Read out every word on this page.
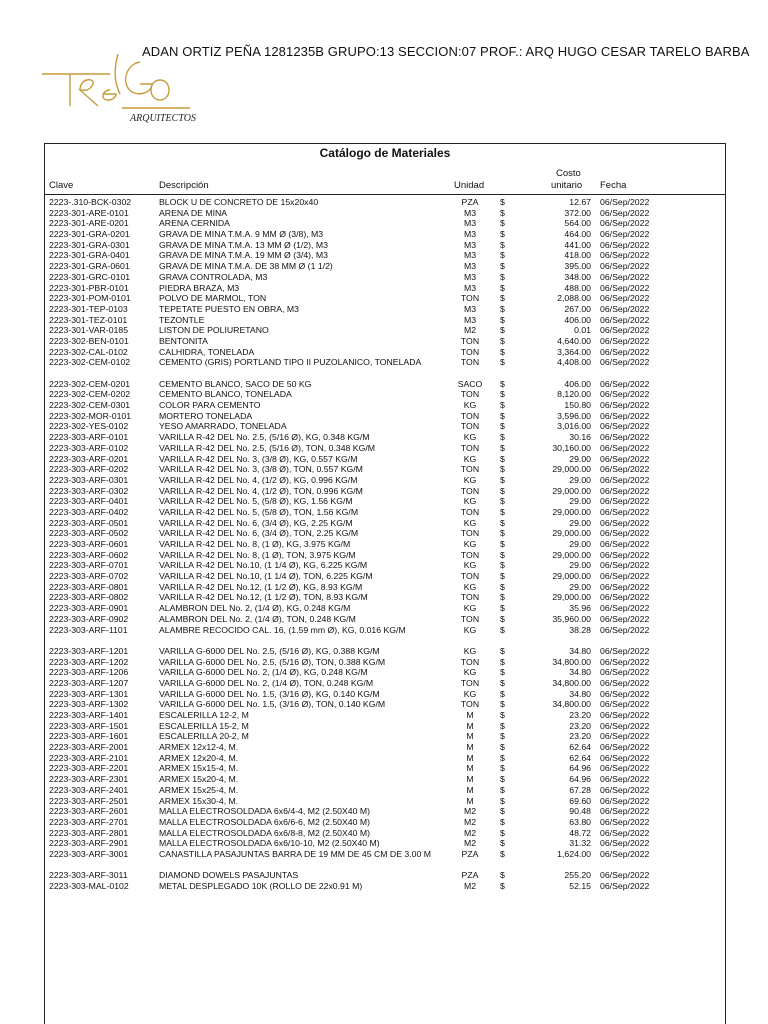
ADAN ORTIZ PEÑA 1281235B GRUPO:13 SECCION:07 PROF.: ARQ HUGO CESAR TARELO BARBA
ARQUITECTOS
Catálogo de Materiales
Clave	Descripción	Unidad
Costo
unitario Fecha
2223-.310-BCK-0302	BLOCK U DE CONCRETO DE 15x20x40	PZA	$	12.67 06/Sep/2022
2223-301-ARE-0101	ARENA DE MINA	M3	$	372.00 06/Sep/2022
2223-301-ARE-0201	ARENA CERNIDA	M3	$	564.00 06/Sep/2022
2223-301-GRA-0201	GRAVA DE MINA T.M.A. 9 MM Ø (3/8), M3	M3	$	464.00 06/Sep/2022
2223-301-GRA-0301	GRAVA DE MINA T.M.A. 13 MM Ø (1/2), M3	M3	$	441.00 06/Sep/2022
2223-301-GRA-0401	GRAVA DE MINA T.M.A. 19 MM Ø (3/4), M3	M3	$	418.00 06/Sep/2022
2223-301-GRA-0601	GRAVA DE MINA T.M.A. DE 38 MM Ø (1 1/2)	M3	$	395.00 06/Sep/2022
2223-301-GRC-0101	GRAVA CONTROLADA, M3	M3	$	348.00 06/Sep/2022
2223-301-PBR-0101	PIEDRA BRAZA, M3	M3	$	488.00 06/Sep/2022
2223-301-POM-0101	POLVO DE MARMOL, TON	TON	$	2,088.00 06/Sep/2022
2223-301-TEP-0103	TEPETATE PUESTO EN OBRA, M3	M3	$	267.00 06/Sep/2022
2223-301-TEZ-0101	TEZONTLE	M3	$	406.00 06/Sep/2022
2223-301-VAR-0185	LISTON DE POLIURETANO	M2	$	0.01 06/Sep/2022
2223-302-BEN-0101	BENTONITA	TON	$	4,640.00 06/Sep/2022
2223-302-CAL-0102	CALHIDRA, TONELADA	TON	$	3,364.00 06/Sep/2022
2223-302-CEM-0102	CEMENTO (GRIS) PORTLAND TIPO II PUZOLANICO, TONELADA	TON	$	4,408.00 06/Sep/2022
2223-302-CEM-0201	CEMENTO BLANCO, SACO DE 50 KG	SACO	$	406.00 06/Sep/2022
2223-302-CEM-0202	CEMENTO BLANCO, TONELADA	TON	$	8,120.00 06/Sep/2022
2223-302-CEM-0301	COLOR PARA CEMENTO	KG	$	150.80 06/Sep/2022
2223-302-MOR-0101	MORTERO TONELADA	TON	$	3,596.00 06/Sep/2022
2223-302-YES-0102	YESO AMARRADO, TONELADA	TON	$	3,016.00 06/Sep/2022
2223-303-ARF-0101	VARILLA R-42 DEL No. 2.5, (5/16 Ø), KG, 0.348 KG/M	KG	$	30.16 06/Sep/2022
2223-303-ARF-0102	VARILLA R-42 DEL No. 2.5, (5/16 Ø), TON, 0.348 KG/M	TON	$	30,160.00 06/Sep/2022
2223-303-ARF-0201	VARILLA R-42 DEL No. 3, (3/8 Ø), KG, 0.557 KG/M	KG	$	29.00 06/Sep/2022
2223-303-ARF-0202	VARILLA R-42 DEL No. 3, (3/8 Ø), TON, 0.557 KG/M	TON	$	29,000.00 06/Sep/2022
2223-303-ARF-0301	VARILLA R-42 DEL No. 4, (1/2 Ø), KG, 0.996 KG/M	KG	$	29.00 06/Sep/2022
2223-303-ARF-0302	VARILLA R-42 DEL No. 4, (1/2 Ø), TON, 0.996 KG/M	TON	$	29,000.00 06/Sep/2022
2223-303-ARF-0401	VARILLA R-42 DEL No. 5, (5/8 Ø), KG, 1.56 KG/M	KG	$	29.00 06/Sep/2022
2223-303-ARF-0402	VARILLA R-42 DEL No. 5, (5/8 Ø), TON, 1.56 KG/M	TON	$	29,000.00 06/Sep/2022
2223-303-ARF-0501	VARILLA R-42 DEL No. 6, (3/4 Ø), KG, 2.25 KG/M	KG	$	29.00 06/Sep/2022
2223-303-ARF-0502	VARILLA R-42 DEL No. 6, (3/4 Ø), TON, 2.25 KG/M	TON	$	29,000.00 06/Sep/2022
2223-303-ARF-0601	VARILLA R-42 DEL No. 8, (1 Ø), KG, 3.975 KG/M	KG	$	29.00 06/Sep/2022
2223-303-ARF-0602	VARILLA R-42 DEL No. 8, (1 Ø), TON, 3.975 KG/M	TON	$	29,000.00 06/Sep/2022
2223-303-ARF-0701	VARILLA R-42 DEL No.10, (1 1/4 Ø), KG, 6.225 KG/M	KG	$	29.00 06/Sep/2022
2223-303-ARF-0702	VARILLA R-42 DEL No.10, (1 1/4 Ø), TON, 6.225 KG/M	TON	$	29,000.00 06/Sep/2022
2223-303-ARF-0801	VARILLA R-42 DEL No.12, (1 1/2 Ø), KG, 8.93 KG/M	KG	$	29.00 06/Sep/2022
2223-303-ARF-0802	VARILLA R-42 DEL No.12, (1 1/2 Ø), TON, 8.93 KG/M	TON	$	29,000.00 06/Sep/2022
2223-303-ARF-0901	ALAMBRON DEL No. 2, (1/4 Ø), KG, 0.248 KG/M	KG	$	35.96 06/Sep/2022
2223-303-ARF-0902	ALAMBRON DEL No. 2, (1/4 Ø), TON, 0.248 KG/M	TON	$	35,960.00 06/Sep/2022
2223-303-ARF-1101	ALAMBRE RECOCIDO CAL. 16, (1.59 mm Ø), KG, 0.016 KG/M	KG	$	38.28 06/Sep/2022
2223-303-ARF-1201	VARILLA G-6000 DEL No. 2.5, (5/16 Ø), KG, 0.388 KG/M	KG	$	34.80 06/Sep/2022
2223-303-ARF-1202	VARILLA G-6000 DEL No. 2.5, (5/16 Ø), TON, 0.388 KG/M	TON	$	34,800.00 06/Sep/2022
2223-303-ARF-1206	VARILLA G-6000 DEL No. 2, (1/4 Ø), KG, 0.248 KG/M	KG	$	34.80 06/Sep/2022
2223-303-ARF-1207	VARILLA G-6000 DEL No. 2, (1/4 Ø), TON, 0.248 KG/M	TON	$	34,800.00 06/Sep/2022
2223-303-ARF-1301	VARILLA G-6000 DEL No. 1.5, (3/16 Ø), KG, 0.140 KG/M	KG	$	34.80 06/Sep/2022
2223-303-ARF-1302	VARILLA G-6000 DEL No. 1.5, (3/16 Ø), TON, 0.140 KG/M	TON	$	34,800.00 06/Sep/2022
2223-303-ARF-1401	ESCALERILLA 12-2, M	M	$	23.20 06/Sep/2022
2223-303-ARF-1501	ESCALERILLA 15-2, M	M	$	23.20 06/Sep/2022
2223-303-ARF-1601	ESCALERILLA 20-2, M	M	$	23.20 06/Sep/2022
2223-303-ARF-2001	ARMEX 12x12-4, M.	M	$	62.64 06/Sep/2022
2223-303-ARF-2101	ARMEX 12x20-4, M.	M	$	62.64 06/Sep/2022
2223-303-ARF-2201	ARMEX 15x15-4, M.	M	$	64.96 06/Sep/2022
2223-303-ARF-2301	ARMEX 15x20-4, M.	M	$	64.96 06/Sep/2022
2223-303-ARF-2401	ARMEX 15x25-4, M.	M	$	67.28 06/Sep/2022
2223-303-ARF-2501	ARMEX 15x30-4, M.	M	$	69.60 06/Sep/2022
2223-303-ARF-2601	MALLA ELECTROSOLDADA 6x6/4-4, M2 (2.50X40 M)	M2	$	90.48 06/Sep/2022
2223-303-ARF-2701	MALLA ELECTROSOLDADA 6x6/6-6, M2 (2.50X40 M)	M2	$	63.80 06/Sep/2022
2223-303-ARF-2801	MALLA ELECTROSOLDADA 6x6/8-8, M2 (2.50X40 M)	M2	$	48.72 06/Sep/2022
2223-303-ARF-2901	MALLA ELECTROSOLDADA 6x6/10-10, M2 (2.50X40 M)	M2	$	31.32 06/Sep/2022
2223-303-ARF-3001	CANASTILLA PASAJUNTAS BARRA DE 19 MM DE 45 CM DE 3.00 M	PZA	$	1,624.00 06/Sep/2022
2223-303-ARF-3011	DIAMOND DOWELS PASAJUNTAS	PZA	$	255.20 06/Sep/2022
2223-303-MAL-0102	METAL DESPLEGADO 10K (ROLLO DE 22x0.91 M)	M2	$	52.15 06/Sep/2022
